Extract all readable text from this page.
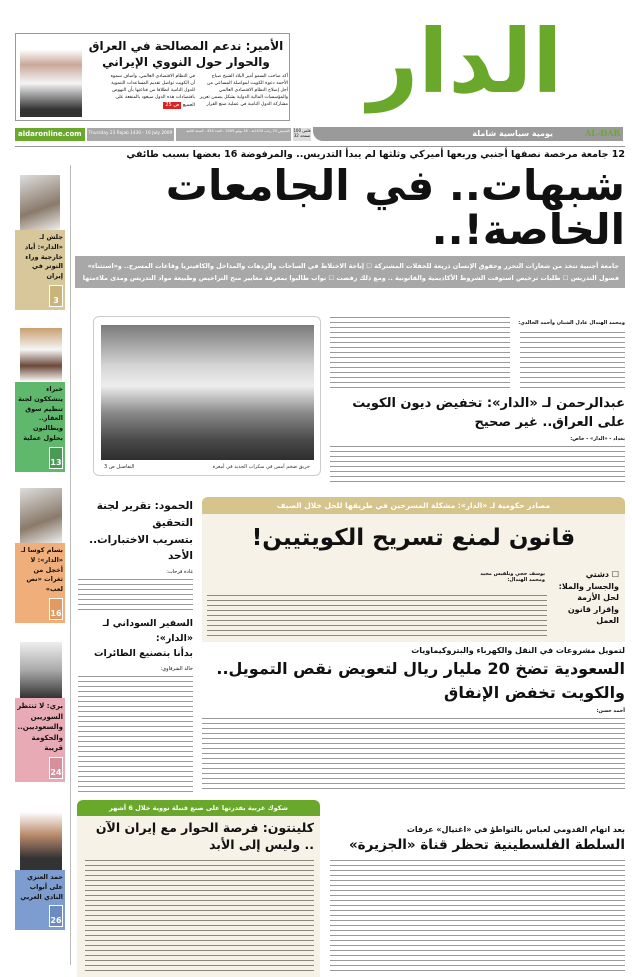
الدار
AL-DAR
يومية سياسية شاملة
الأمير: ندعم المصالحة في العراق
والحوار حول النووي الإيراني
أكد صاحب السمو أمير البلاد الشيخ صباح الأحمد دعوة الكويت لمواصلة المساعي من أجل إصلاح النظام الاقتصادي العالمي والمؤسسات المالية الدولية بشكل يضمن تعزيز مشاركة الدول النامية في عملية صنع القرار
في النظام الاقتصادي العالمي، وأضاف سموه أن الكويت تواصل تقديم المساعدات التنموية للدول النامية انطلاقا من قناعتها بأن النهوض باقتصادات هذه الدول سيعود بالمنفعة على الجميع ص 25
aldaronline.com	Thursday 23 Rajab 1430 - 16 July 2009	الخميس 23 رجب 1430هـ - 16 يوليو 2009 - العدد 454 - السنة الثانية 100 فلس
32 صفحة
12 جامعة مرخصة نصفها أجنبي وربعها أميركي وثلثها لم يبدأ التدريس.. والمرفوضة 16 بعضها بسبب طائفي
شبهات.. في الجامعات الخاصة!..
جامعة أجنبية تتخذ من شعارات التحرر وحقوق الإنسان ذريعة للحفلات المشتركة ☐ إباحة الاختلاط في الساحات والردهات والمداخل والكافيتريا وقاعات المسرح.. و«استثناء»
فصول التدريس ☐ طلبات ترخيص استوفت الشروط الأكاديمية والقانونية .. ومع ذلك رفضت ☐ نواب طالبوا بمعرفة معايير منح التراخيص وطبيعة مواد التدريس ومدى ملاءمتها
جلش لـ «الدار»: أياد خارجية وراء التوتر في إيران
3
خبراء يتشككون لجنة تنظيم سوق العقار.. ويطالبون بحلول عملية
13
بسام كوسا لـ «الدار»: لا أخجل من ثغرات «نص لعب»
16
بري: لا تنتظر السوريين والسعوديين.. والحكومة قريبة
24
حمد العنزي على أبواب النادي العربي
26
حريق ضخم أمس في سكراب الحديد في أمغرة
التفاصيل ص 3
ومحمد الهندال عادل الشنان وأحمد الخالدي:
عبدالرحمن لـ «الدار»: تخفيض ديون الكويت
على العراق.. غير صحيح
بغداد - «الدار» - خاص:
مصادر حكومية لـ «الدار»: مشكلة المسرحين في طريقها للحل خلال الصيف
قانون لمنع تسريح الكويتيين!
☐ دشتي والجسار والملا: لحل الأزمة وإقرار قانون العمل
يوسف حجي وبلقيس مجيد ومحمد الهندال:
الحمود: تقرير لجنة التحقيق
بتسريب الاختبارات.. الأحد
غادة فرحات:
السفير السوداني لـ «الدار»:
بدأنا بتصنيع الطائرات
خالد الشرقاوي:
لتمويل مشروعات في النقل والكهرباء والبتروكيماويات
السعودية تضخ 20 مليار ريال لتعويض نقص التمويل..
والكويت تخفض الإنفاق
أحمد حسن:
شكوك غربية بقدرتها على صنع قنبلة نووية خلال 6 أشهر
كلينتون: فرصة الحوار مع إيران الآن .. وليس إلى الأبد
بعد اتهام القدومي لعباس بالتواطؤ في «اغتيال» عرفات
السلطة الفلسطينية تحظر قناة «الجزيرة»
